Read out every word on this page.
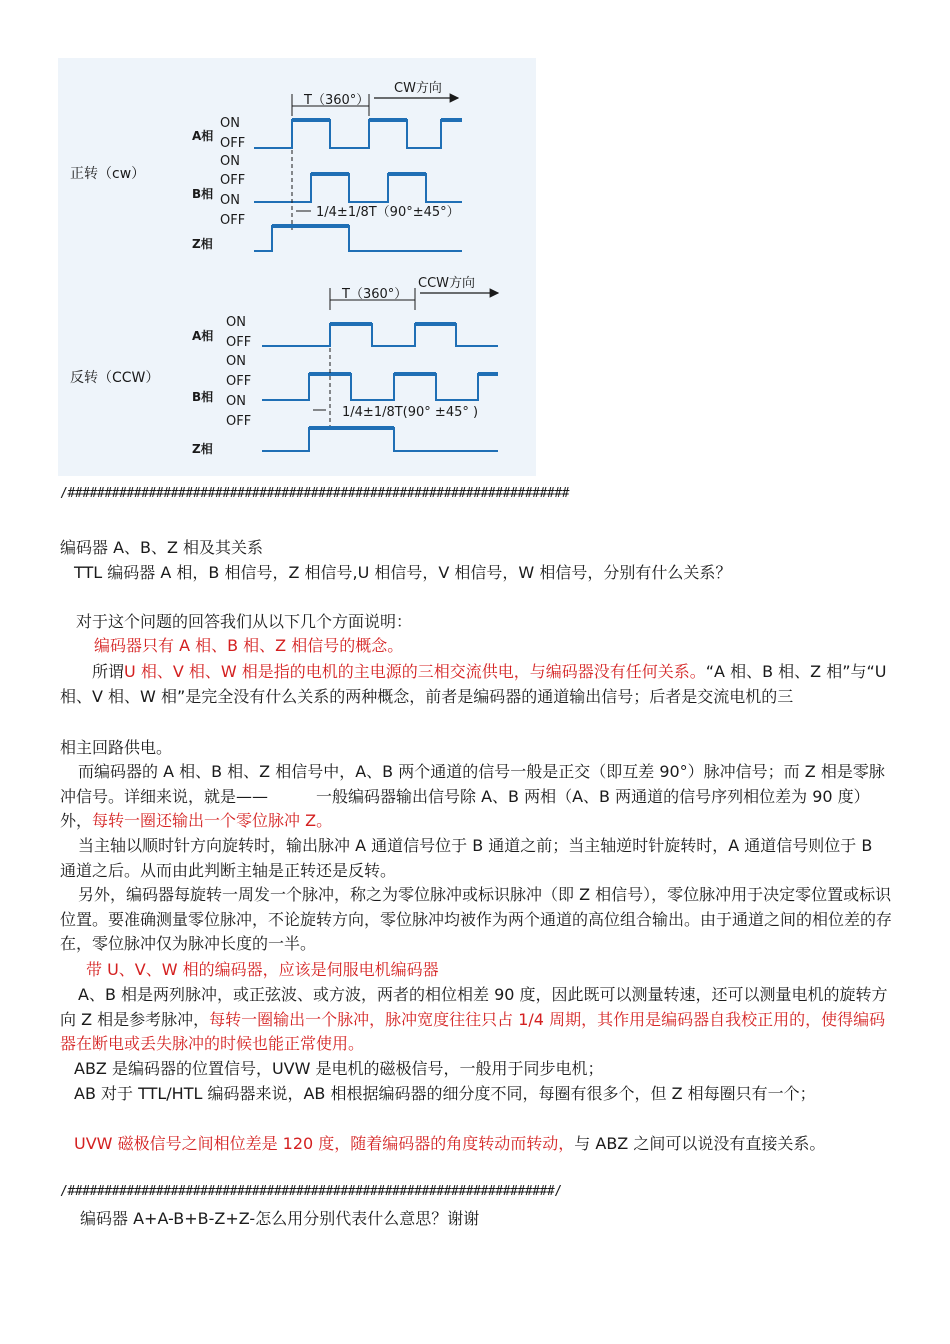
正转（cw）
T（360°）
CW方向
A相
ON
OFF
ON
OFF
B相 ON
OFF
1/4±1/8T（90°±45°）
Z相
反转（CCW）
T（360°）
CCW方向
A相
ON
OFF
ON
OFF
B相 ON
OFF
1/4±1/8T(90° ±45° )
Z相
/####################################################################
编码器 A、B、Z 相及其关系
TTL 编码器 A 相，B 相信号，Z 相信号,U 相信号，V 相信号，W 相信号，分别有什么关系？
对于这个问题的回答我们从以下几个方面说明：
编码器只有 A 相、B 相、Z 相信号的概念。
所谓U 相、V 相、W 相是指的电机的主电源的三相交流供电，与编码器没有任何关系。“A 相、B 相、Z 相”与“U 相、V 相、W 相”是完全没有什么关系的两种概念，前者是编码器的通道输出信号；后者是交流电机的三
相主回路供电。
而编码器的 A 相、B 相、Z 相信号中，A、B 两个通道的信号一般是正交（即互差 90°）脉冲信号；而 Z 相是零脉冲信号。详细来说，就是——　　　一般编码器输出信号除 A、B 两相（A、B 两通道的信号序列相位差为 90 度）外，每转一圈还输出一个零位脉冲 Z。
当主轴以顺时针方向旋转时，输出脉冲 A 通道信号位于 B 通道之前；当主轴逆时针旋转时，A 通道信号则位于 B 通道之后。从而由此判断主轴是正转还是反转。
另外，编码器每旋转一周发一个脉冲，称之为零位脉冲或标识脉冲（即 Z 相信号），零位脉冲用于决定零位置或标识位置。要准确测量零位脉冲，不论旋转方向，零位脉冲均被作为两个通道的高位组合输出。由于通道之间的相位差的存在，零位脉冲仅为脉冲长度的一半。
带 U、V、W 相的编码器，应该是伺服电机编码器
A、B 相是两列脉冲，或正弦波、或方波，两者的相位相差 90 度，因此既可以测量转速，还可以测量电机的旋转方向 Z 相是参考脉冲，每转一圈输出一个脉冲，脉冲宽度往往只占 1/4 周期，其作用是编码器自我校正用的，使得编码器在断电或丢失脉冲的时候也能正常使用。
ABZ 是编码器的位置信号，UVW 是电机的磁极信号，一般用于同步电机；
AB 对于 TTL/HTL 编码器来说，AB 相根据编码器的细分度不同，每圈有很多个，但 Z 相每圈只有一个；
UVW 磁极信号之间相位差是 120 度，随着编码器的角度转动而转动，与 ABZ 之间可以说没有直接关系。
/##################################################################/
编码器 A+A-B+B-Z+Z-怎么用分别代表什么意思？谢谢
